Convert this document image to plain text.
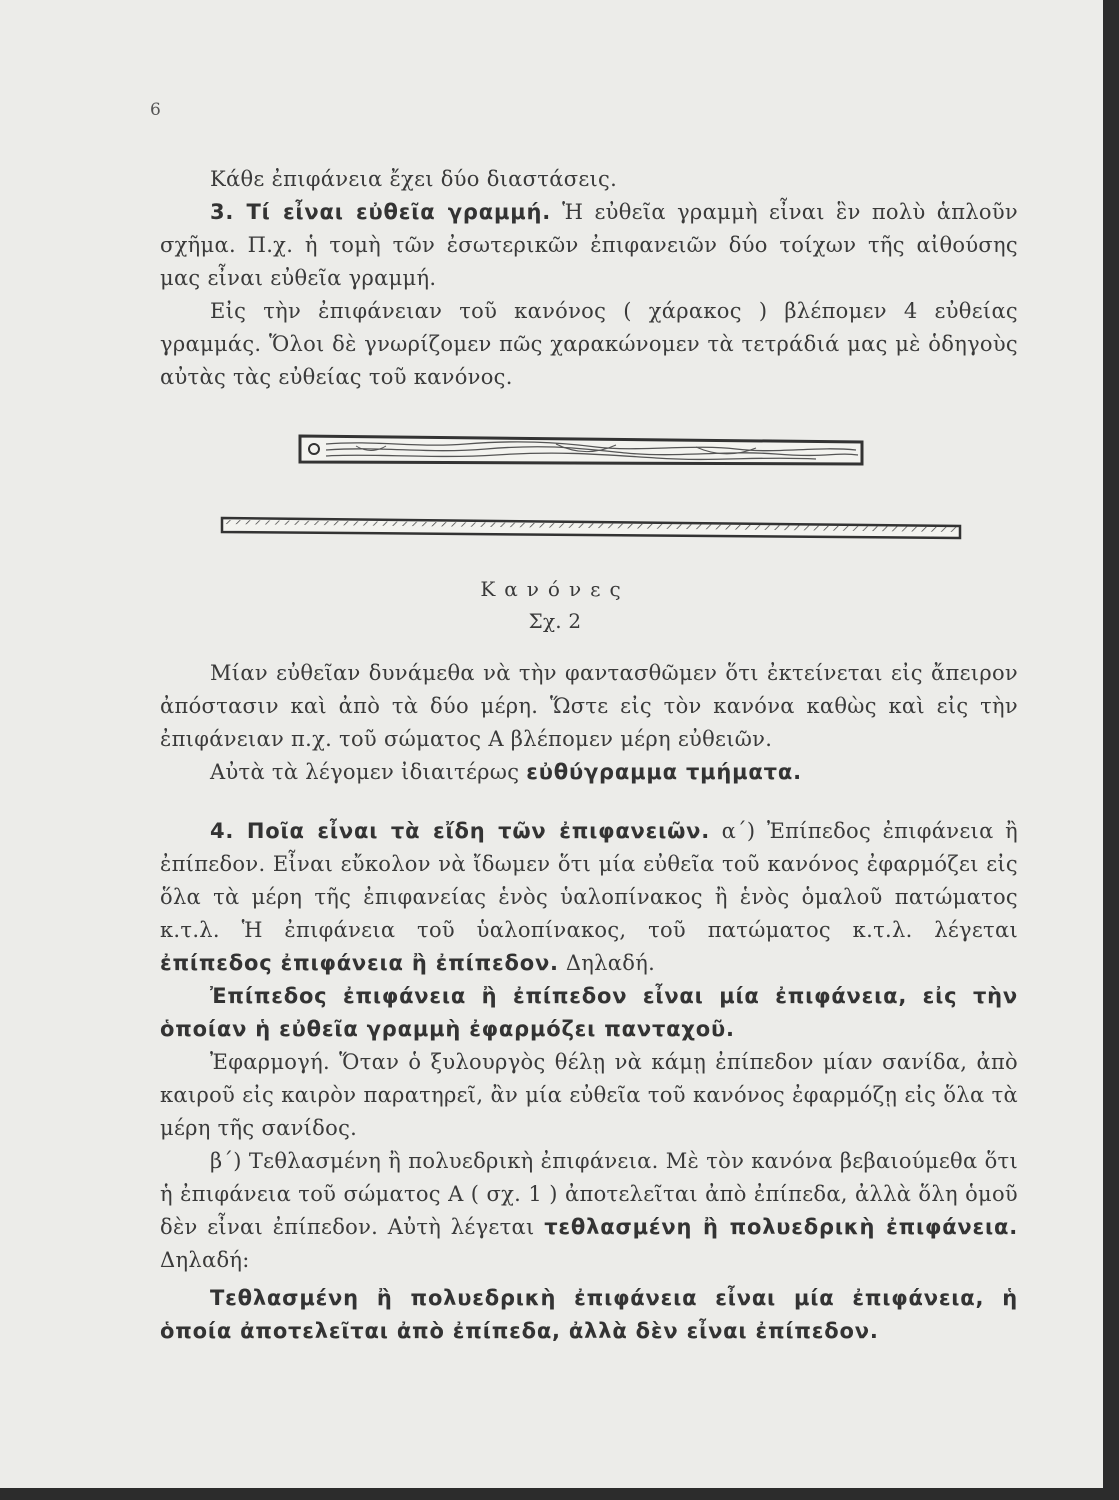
6
Κάθε ἐπιφάνεια ἔχει δύο διαστάσεις.
3. Τί εἶναι εὐθεῖα γραμμή. Ἡ εὐθεῖα γραμμὴ εἶναι ἓν πολὺ ἁπλοῦν σχῆμα. Π.χ. ἡ τομὴ τῶν ἐσωτερικῶν ἐπιφανειῶν δύο τοίχων τῆς αἰθούσης μας εἶναι εὐθεῖα γραμμή.
Εἰς τὴν ἐπιφάνειαν τοῦ κανόνος ( χάρακος ) βλέπομεν 4 εὐθείας γραμμάς. Ὅλοι δὲ γνωρίζομεν πῶς χαρακώνομεν τὰ τετράδιά μας μὲ ὁδηγοὺς αὐτὰς τὰς εὐθείας τοῦ κανόνος.
Κανόνες
Σχ. 2
Μίαν εὐθεῖαν δυνάμεθα νὰ τὴν φαντασθῶμεν ὅτι ἐκτείνεται εἰς ἄπειρον ἀπόστασιν καὶ ἀπὸ τὰ δύο μέρη. Ὥστε εἰς τὸν κανόνα καθὼς καὶ εἰς τὴν ἐπιφάνειαν π.χ. τοῦ σώματος Α βλέπομεν μέρη εὐθειῶν.
Αὐτὰ τὰ λέγομεν ἰδιαιτέρως εὐθύγραμμα τμήματα.
4. Ποῖα εἶναι τὰ εἴδη τῶν ἐπιφανειῶν. α΄) Ἐπίπεδος ἐπιφάνεια ἢ ἐπίπεδον. Εἶναι εὔκολον νὰ ἴδωμεν ὅτι μία εὐθεῖα τοῦ κανόνος ἐφαρμόζει εἰς ὅλα τὰ μέρη τῆς ἐπιφανείας ἑνὸς ὑαλοπίνακος ἢ ἑνὸς ὁμαλοῦ πατώματος κ.τ.λ. Ἡ ἐπιφάνεια τοῦ ὑαλοπίνακος, τοῦ πατώματος κ.τ.λ. λέγεται ἐπίπεδος ἐπιφάνεια ἢ ἐπίπεδον. Δηλαδή.
Ἐπίπεδος ἐπιφάνεια ἢ ἐπίπεδον εἶναι μία ἐπιφάνεια, εἰς τὴν ὁποίαν ἡ εὐθεῖα γραμμὴ ἐφαρμόζει πανταχοῦ.
Ἐφαρμογή. Ὅταν ὁ ξυλουργὸς θέλῃ νὰ κάμῃ ἐπίπεδον μίαν σανίδα, ἀπὸ καιροῦ εἰς καιρὸν παρατηρεῖ, ἂν μία εὐθεῖα τοῦ κανόνος ἐφαρμόζῃ εἰς ὅλα τὰ μέρη τῆς σανίδος.
β΄) Τεθλασμένη ἢ πολυεδρικὴ ἐπιφάνεια. Μὲ τὸν κανόνα βεβαιούμεθα ὅτι ἡ ἐπιφάνεια τοῦ σώματος Α ( σχ. 1 ) ἀποτελεῖται ἀπὸ ἐπίπεδα, ἀλλὰ ὅλη ὁμοῦ δὲν εἶναι ἐπίπεδον. Αὐτὴ λέγεται τεθλασμένη ἢ πολυεδρικὴ ἐπιφάνεια. Δηλαδή:
Τεθλασμένη ἢ πολυεδρικὴ ἐπιφάνεια εἶναι μία ἐπιφάνεια, ἡ ὁποία ἀποτελεῖται ἀπὸ ἐπίπεδα, ἀλλὰ δὲν εἶναι ἐπίπεδον.
